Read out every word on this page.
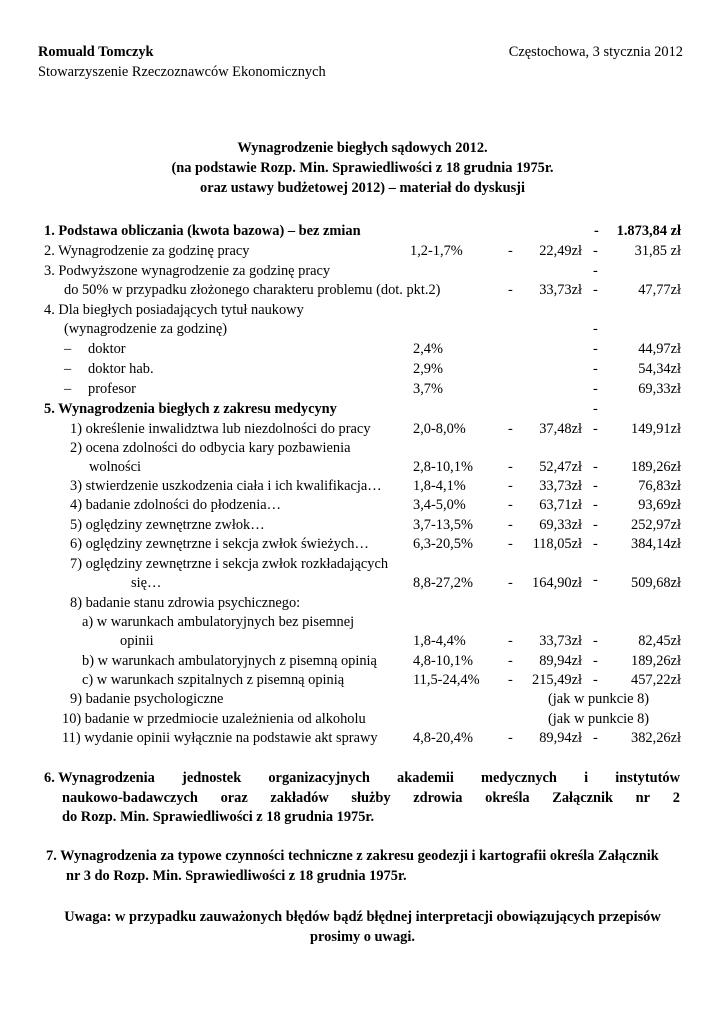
Romuald Tomczyk
Stowarzyszenie Rzeczoznawców Ekonomicznych
Częstochowa, 3 stycznia 2012
Wynagrodzenie biegłych sądowych 2012.
(na podstawie Rozp. Min. Sprawiedliwości z 18 grudnia 1975r.
oraz ustawy budżetowej 2012) – materiał do dyskusji
1. Podstawa obliczania (kwota bazowa) – bez zmian	- 1.873,84 zł
2. Wynagrodzenie za godzinę pracy	1,2-1,7%	- 22,49zł -	31,85 zł
3. Podwyższone wynagrodzenie za godzinę pracy	-
do 50% w przypadku złożonego charakteru problemu (dot. pkt.2)	- 33,73zł -	47,77zł
4. Dla biegłych posiadających tytuł naukowy
(wynagrodzenie za godzinę)	-
– doktor	2,4%	-	44,97zł
– doktor hab.	2,9%	-	54,34zł
– profesor	3,7%	-	69,33zł
5. Wynagrodzenia biegłych z zakresu medycyny	-
1) określenie inwalidztwa lub niezdolności do pracy	2,0-8,0%	- 37,48zł - 149,91zł
2) ocena zdolności do odbycia kary pozbawienia
wolności	2,8-10,1% - 52,47zł - 189,26zł
3) stwierdzenie uszkodzenia ciała i ich kwalifikacja… 1,8-4,1%	- 33,73zł -	76,83zł
4) badanie zdolności do płodzenia…	3,4-5,0%	- 63,71zł -	93,69zł
5) oględziny zewnętrzne zwłok…	3,7-13,5% - 69,33zł - 252,97zł
6) oględziny zewnętrzne i sekcja zwłok świeżych…	6,3-20,5% - 118,05zł - 384,14zł
7) oględziny zewnętrzne i sekcja zwłok rozkładających
się…	8,8-27,2% - 164,90zł - 509,68zł
8) badanie stanu zdrowia psychicznego:
a) w warunkach ambulatoryjnych bez pisemnej
opinii	1,8-4,4%	- 33,73zł -	82,45zł
b) w warunkach ambulatoryjnych z pisemną opinią	4,8-10,1% - 89,94zł - 189,26zł
c) w warunkach szpitalnych z pisemną opinią	11,5-24,4% - 215,49zł - 457,22zł
9) badanie psychologiczne	(jak w punkcie 8)
10) badanie w przedmiocie uzależnienia od alkoholu	(jak w punkcie 8)
11) wydanie opinii wyłącznie na podstawie akt sprawy 4,8-20,4% - 89,94zł - 382,26zł
6. Wynagrodzenia jednostek organizacyjnych akademii medycznych i instytutów
naukowo-badawczych oraz zakładów służby zdrowia określa Załącznik nr 2
do Rozp. Min. Sprawiedliwości z 18 grudnia 1975r.
7. Wynagrodzenia za typowe czynności techniczne z zakresu geodezji i kartografii określa Załącznik
nr 3 do Rozp. Min. Sprawiedliwości z 18 grudnia 1975r.
Uwaga: w przypadku zauważonych błędów bądź błędnej interpretacji obowiązujących przepisów
prosimy o uwagi.
